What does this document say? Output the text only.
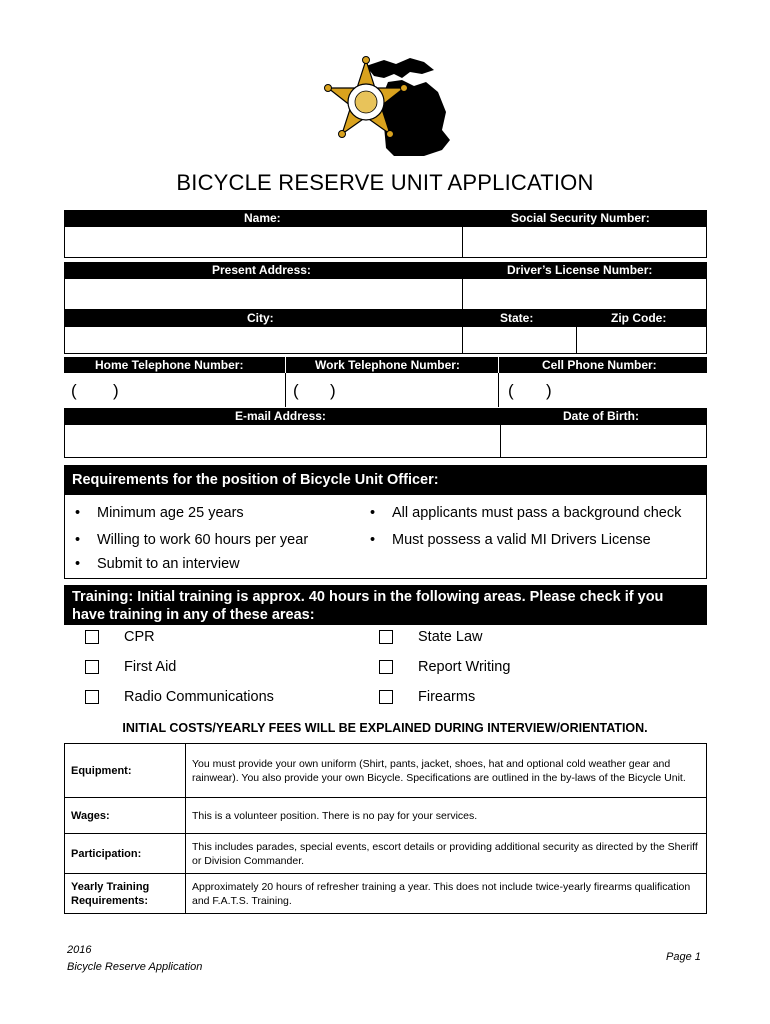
BICYCLE RESERVE UNIT APPLICATION
Name:	Social Security Number:
Present Address:	Driver’s License Number:
City:	State:	Zip Code:
Home Telephone Number:	Work Telephone Number:	Cell Phone Number:
( )	( )	( )
E-mail Address:	Date of Birth:
Requirements for the position of Bicycle Unit Officer:
• Minimum age 25 years	• All applicants must pass a background check
• Willing to work 60 hours per year	• Must possess a valid MI Drivers License
• Submit to an interview
Training: Initial training is approx. 40 hours in the following areas. Please check if you have training in any of these areas:
CPR	State Law
First Aid	Report Writing
Radio Communications	Firearms
INITIAL COSTS/YEARLY FEES WILL BE EXPLAINED DURING INTERVIEW/ORIENTATION.
Equipment:	You must provide your own uniform (Shirt, pants, jacket, shoes, hat and optional cold weather gear and rainwear). You also provide your own Bicycle. Specifications are outlined in the by-laws of the Bicycle Unit.
Wages:	This is a volunteer position. There is no pay for your services.
Participation:	This includes parades, special events, escort details or providing additional security as directed by the Sheriff or Division Commander.
Yearly Training Requirements:	Approximately 20 hours of refresher training a year. This does not include twice-yearly firearms qualification and F.A.T.S. Training.
2016
Bicycle Reserve Application
Page 1
